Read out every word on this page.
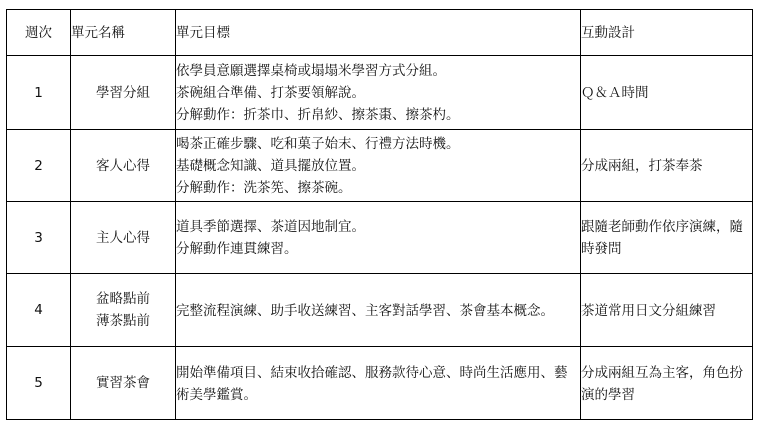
週次	單元名稱	單元目標	互動設計
1	學習分組	依學員意願選擇桌椅或塌塌米學習方式分組。
茶碗組合準備、打茶要領解說。
分解動作：折茶巾、折帛紗、擦茶棗、擦茶杓。	Ｑ＆Ａ時間

2	客人心得	喝茶正確步驟、吃和菓子始末、行禮方法時機。
基礎概念知識、道具擺放位置。
分解動作：洗茶筅、擦茶碗。	分成兩組，打茶奉茶

3	主人心得	道具季節選擇、茶道因地制宜。
分解動作連貫練習。	跟隨老師動作依序演練，隨時發問

4	盆略點前
薄茶點前	完整流程演練、助手收送練習、主客對話學習、茶會基本概念。	茶道常用日文分組練習

5	實習茶會	開始準備項目、結束收拾確認、服務款待心意、時尚生活應用、藝術美學鑑賞。	分成兩組互為主客，角色扮演的學習
